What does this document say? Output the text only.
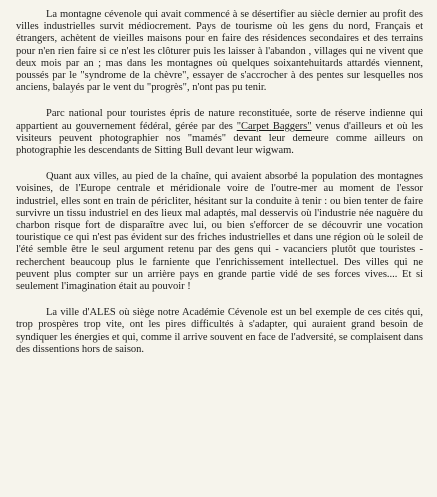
La montagne cévenole qui avait commencé à se désertifier au siècle dernier au profit des villes industrielles survit médiocrement. Pays de tourisme où les gens du nord, Français et étrangers, achètent de vieilles maisons pour en faire des résidences secondaires et des terrains pour n'en rien faire si ce n'est les clôturer puis les laisser à l'abandon , villages qui ne vivent que deux mois par an ; mas dans les montagnes où quelques soixantehuitards attardés viennent, poussés par le "syndrome de la chèvre", essayer de s'accrocher à des pentes sur lesquelles nos anciens, balayés par le vent du "progrès", n'ont pas pu tenir.

Parc national pour touristes épris de nature reconstituée, sorte de réserve indienne qui appartient au gouvernement fédéral, gérée par des "Carpet Baggers" venus d'ailleurs et où les visiteurs peuvent photographier nos "mamés" devant leur demeure comme ailleurs on photographie les descendants de Sitting Bull devant leur wigwam.

Quant aux villes, au pied de la chaîne, qui avaient absorbé la population des montagnes voisines, de l'Europe centrale et méridionale voire de l'outre-mer au moment de l'essor industriel, elles sont en train de péricliter, hésitant sur la conduite à tenir : ou bien tenter de faire survivre un tissu industriel en des lieux mal adaptés, mal desservis où l'industrie née naguère du charbon risque fort de disparaître avec lui, ou bien s'efforcer de se découvrir une vocation touristique ce qui n'est pas évident sur des friches industrielles et dans une région où le soleil de l'été semble être le seul argument retenu par des gens qui - vacanciers plutôt que touristes - recherchent beaucoup plus le farniente que l'enrichissement intellectuel. Des villes qui ne peuvent plus compter sur un arrière pays en grande partie vidé de ses forces vives.... Et si seulement l'imagination était au pouvoir !

La ville d'ALES où siège notre Académie Cévenole est un bel exemple de ces cités qui, trop prospères trop vite, ont les pires difficultés à s'adapter, qui auraient grand besoin de syndiquer les énergies et qui, comme il arrive souvent en face de l'adversité, se complaisent dans des dissentions hors de saison.
